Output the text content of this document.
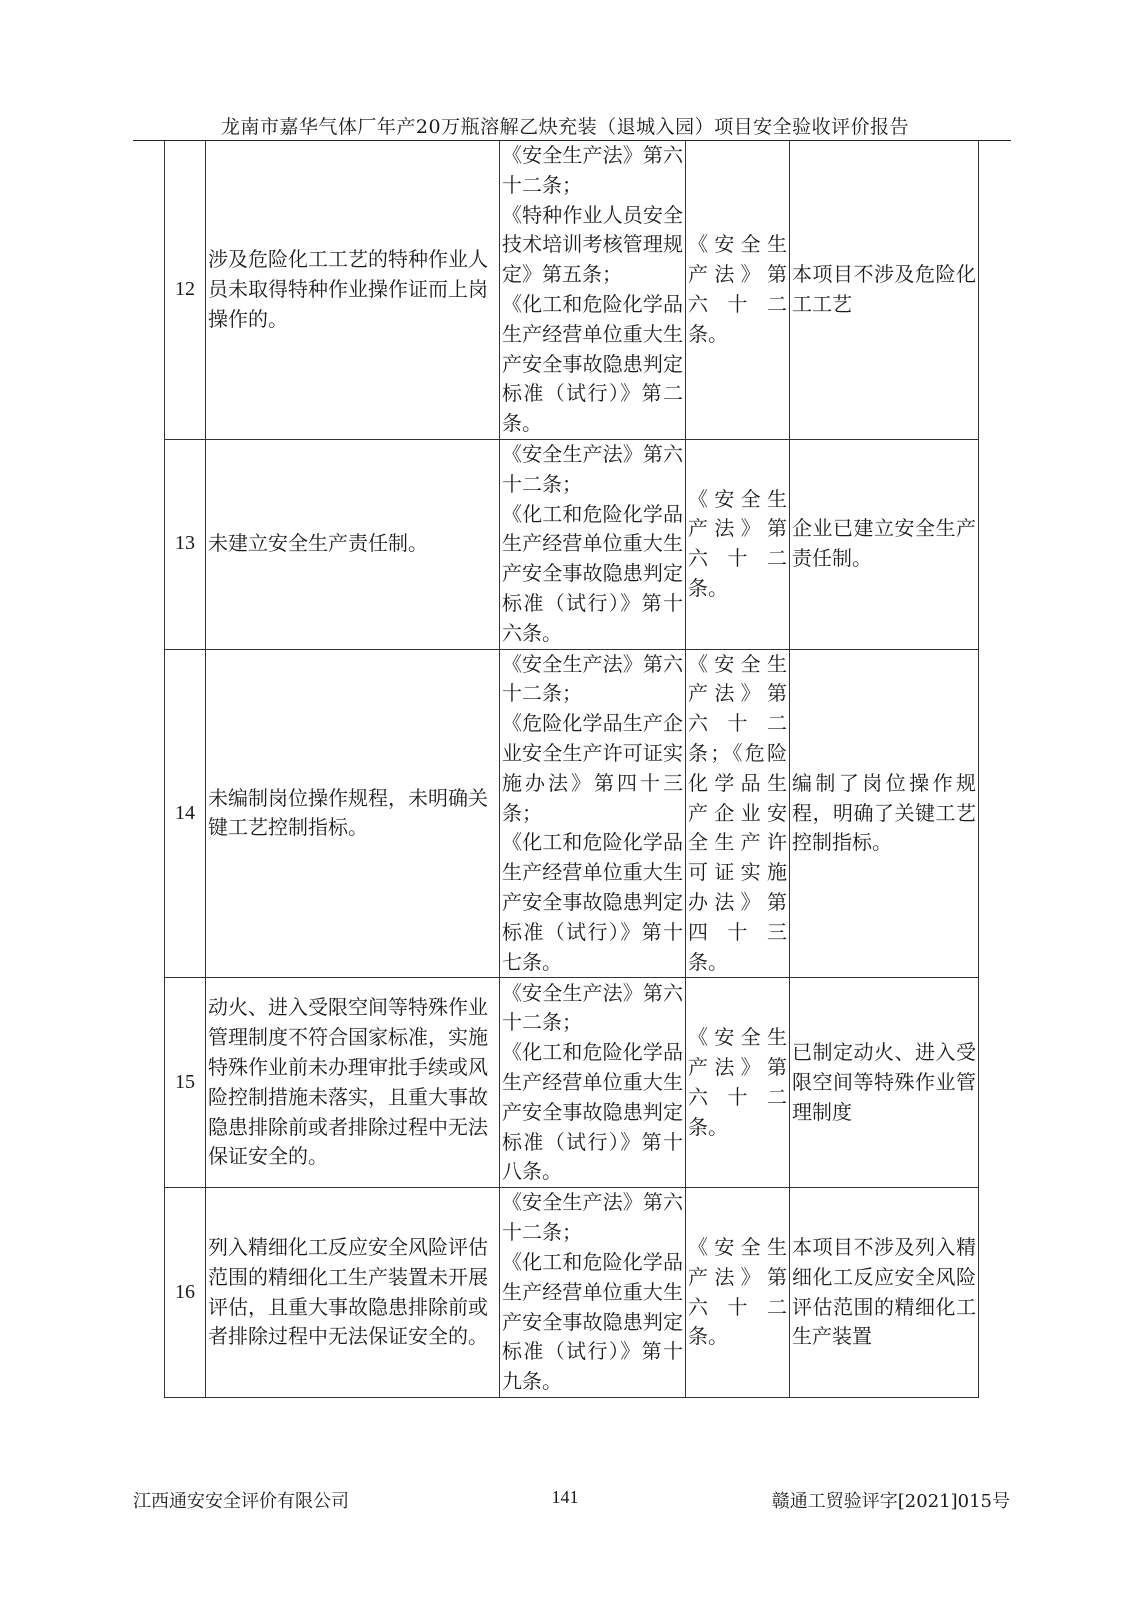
龙南市嘉华气体厂年产20万瓶溶解乙炔充装（退城入园）项目安全验收评价报告
12	涉及危险化工工艺的特种作业人员未取得特种作业操作证而上岗操作的。	《安全生产法》第六十二条；
《特种作业人员安全技术培训考核管理规定》第五条；
《化工和危险化学品生产经营单位重大生产安全事故隐患判定标准（试行）》第二条。	《安全生产法》第六十二条。	本项目不涉及危险化工工艺
13	未建立安全生产责任制。	《安全生产法》第六十二条；
《化工和危险化学品生产经营单位重大生产安全事故隐患判定标准（试行）》第十六条。	《安全生产法》第六十二条。	企业已建立安全生产责任制。
14	未编制岗位操作规程，未明确关键工艺控制指标。	《安全生产法》第六十二条；
《危险化学品生产企业安全生产许可证实施办法》第四十三条；
《化工和危险化学品生产经营单位重大生产安全事故隐患判定标准（试行）》第十七条。	《安全生产法》第六十二条；《危险化学品生产企业安全生产许可证实施办法》第四十三条。	编制了岗位操作规程，明确了关键工艺控制指标。
15	动火、进入受限空间等特殊作业管理制度不符合国家标准，实施特殊作业前未办理审批手续或风险控制措施未落实，且重大事故隐患排除前或者排除过程中无法保证安全的。	《安全生产法》第六十二条；
《化工和危险化学品生产经营单位重大生产安全事故隐患判定标准（试行）》第十八条。	《安全生产法》第六十二条。	已制定动火、进入受限空间等特殊作业管理制度
16	列入精细化工反应安全风险评估范围的精细化工生产装置未开展评估，且重大事故隐患排除前或者排除过程中无法保证安全的。	《安全生产法》第六十二条；
《化工和危险化学品生产经营单位重大生产安全事故隐患判定标准（试行）》第十九条。	《安全生产法》第六十二条。	本项目不涉及列入精细化工反应安全风险评估范围的精细化工生产装置
江西通安安全评价有限公司	141	赣通工贸验评字[2021]015号
